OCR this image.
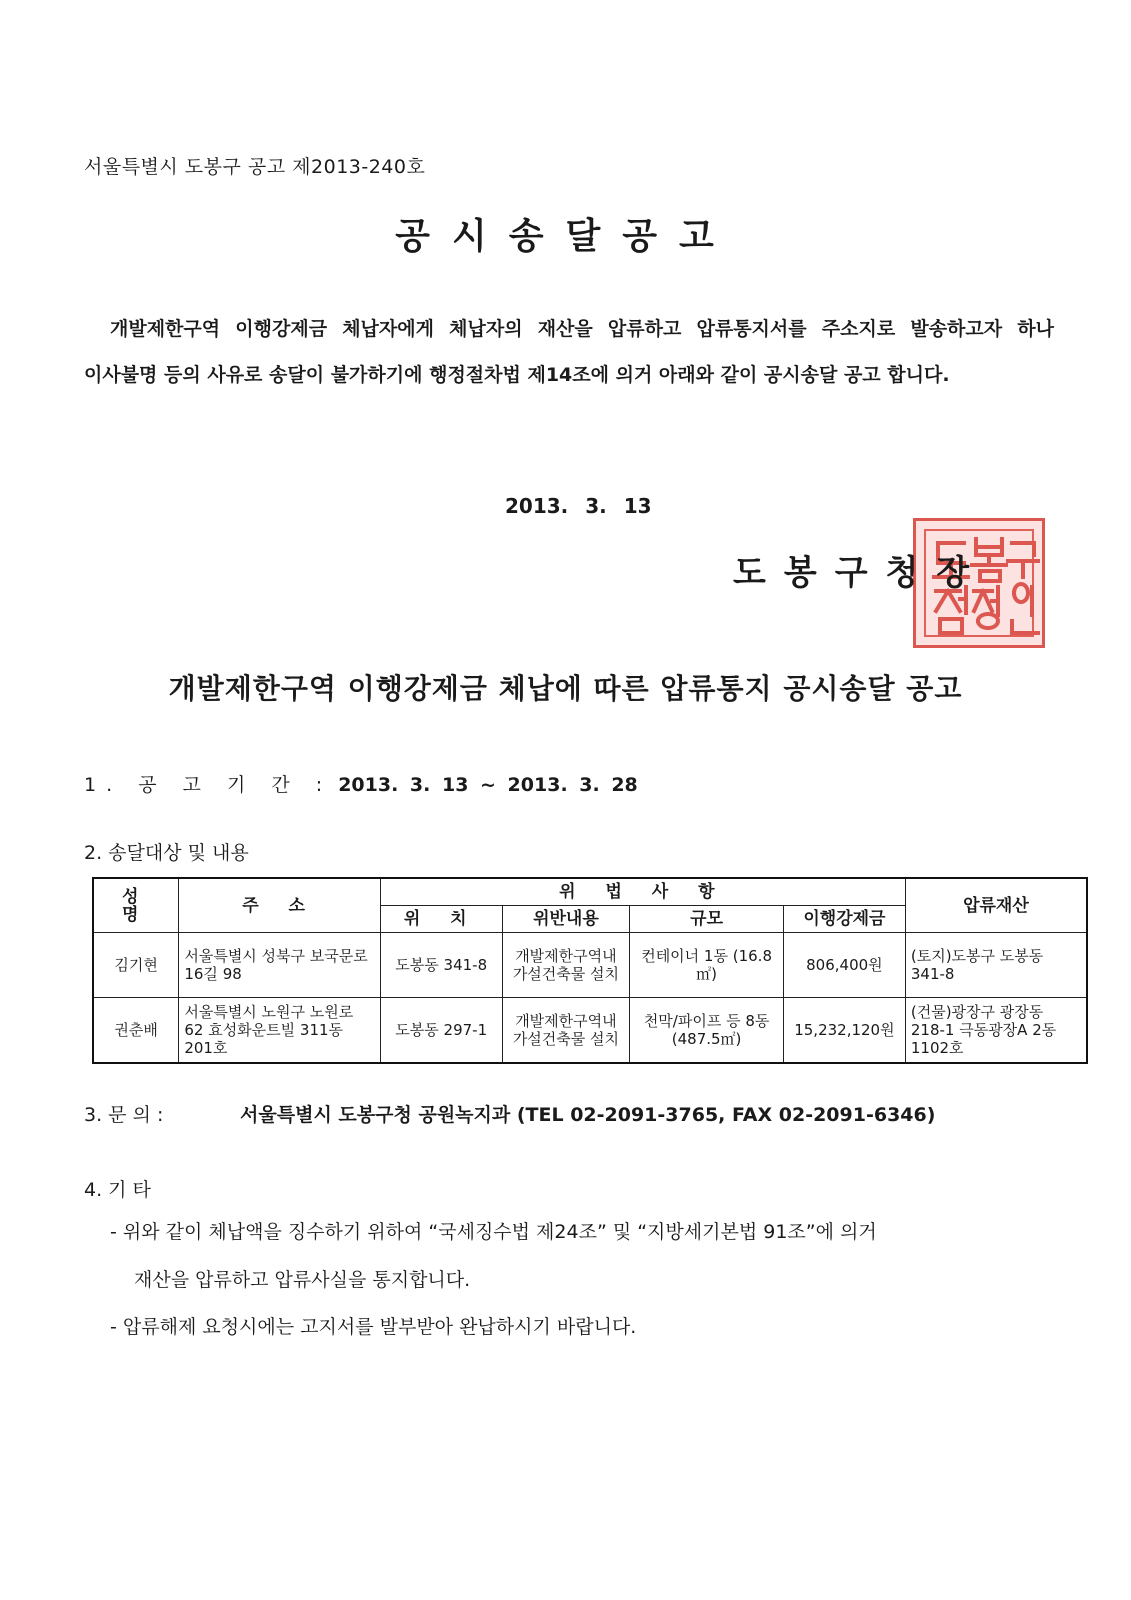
서울특별시 도봉구 공고 제2013-240호
공시송달공고
개발제한구역 이행강제금 체납자에게 체납자의 재산을 압류하고 압류통지서를 주소지로 발송하고자 하나 이사불명 등의 사유로 송달이 불가하기에 행정절차법 제14조에 의거 아래와 같이 공시송달 공고 합니다.
2013. 3. 13
도봉구청장
개발제한구역 이행강제금 체납에 따른 압류통지 공시송달 공고
1. 공 고 기 간 : 2013. 3. 13 ~ 2013. 3. 28
2. 송달대상 및 내용
성 명	주 소	위 법 사 항				압류재산
		위 치	위반내용	규모	이행강제금	
김기현	서울특별시 성북구 보국문로 16길 98	도봉동 341-8	개발제한구역내 가설건축물 설치	컨테이너 1동 (16.8㎡)	806,400원	(토지)도봉구 도봉동 341-8
권춘배	서울특별시 노원구 노원로 62 효성화운트빌 311동 201호	도봉동 297-1	개발제한구역내 가설건축물 설치	천막/파이프 등 8동 (487.5㎡)	15,232,120원	(건물)광장구 광장동 218-1 극동광장A 2동 1102호
3. 문 의 :	서울특별시 도봉구청 공원녹지과 (TEL 02-2091-3765, FAX 02-2091-6346)
4. 기 타
- 위와 같이 체납액을 징수하기 위하여 “국세징수법 제24조” 및 “지방세기본법 91조”에 의거
재산을 압류하고 압류사실을 통지합니다.
- 압류해제 요청시에는 고지서를 발부받아 완납하시기 바랍니다.
